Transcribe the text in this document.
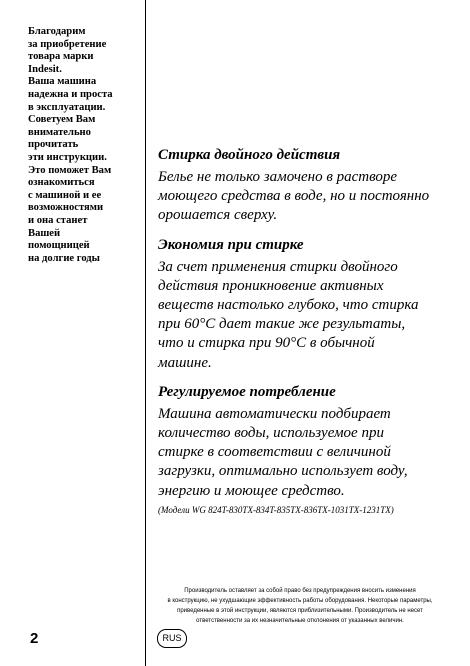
Благодарим
за приобретение
товара марки
Indesit.
Ваша машина
надежна и проста
в эксплуатации.
Советуем Вам
внимательно
прочитать
эти инструкции.
Это поможет Вам
ознакомиться
с машиной и ее
возможностями
и она станет
Вашей
помощницей
на долгие годы
Стирка двойного действия
Белье не только замочено в растворе
моющего средства в воде, но и постоянно
орошается сверху.
Экономия при стирке
За счет применения стирки двойного
действия проникновение активных
веществ настолько глубоко, что стирка
при 60°C дает такие же результаты,
что и стирка при 90°C в обычной
машине.
Регулируемое потребление
Машина автоматически подбирает
количество воды, используемое при
стирке в соответствии с величиной
загрузки, оптимально использует воду,
энергию и моющее средство.
(Модели WG 824T-830TX-834T-835TX-836TX-1031TX-1231TX)
Производитель оставляет за собой право без предупреждения вносить изменения
в конструкцию, не ухудшающие эффективность работы оборудования. Некоторые параметры,
приведенные в этой инструкции, являются приблизительными. Производитель не несет
ответственности за их незначительные отклонения от указанных величин.
2	RUS
